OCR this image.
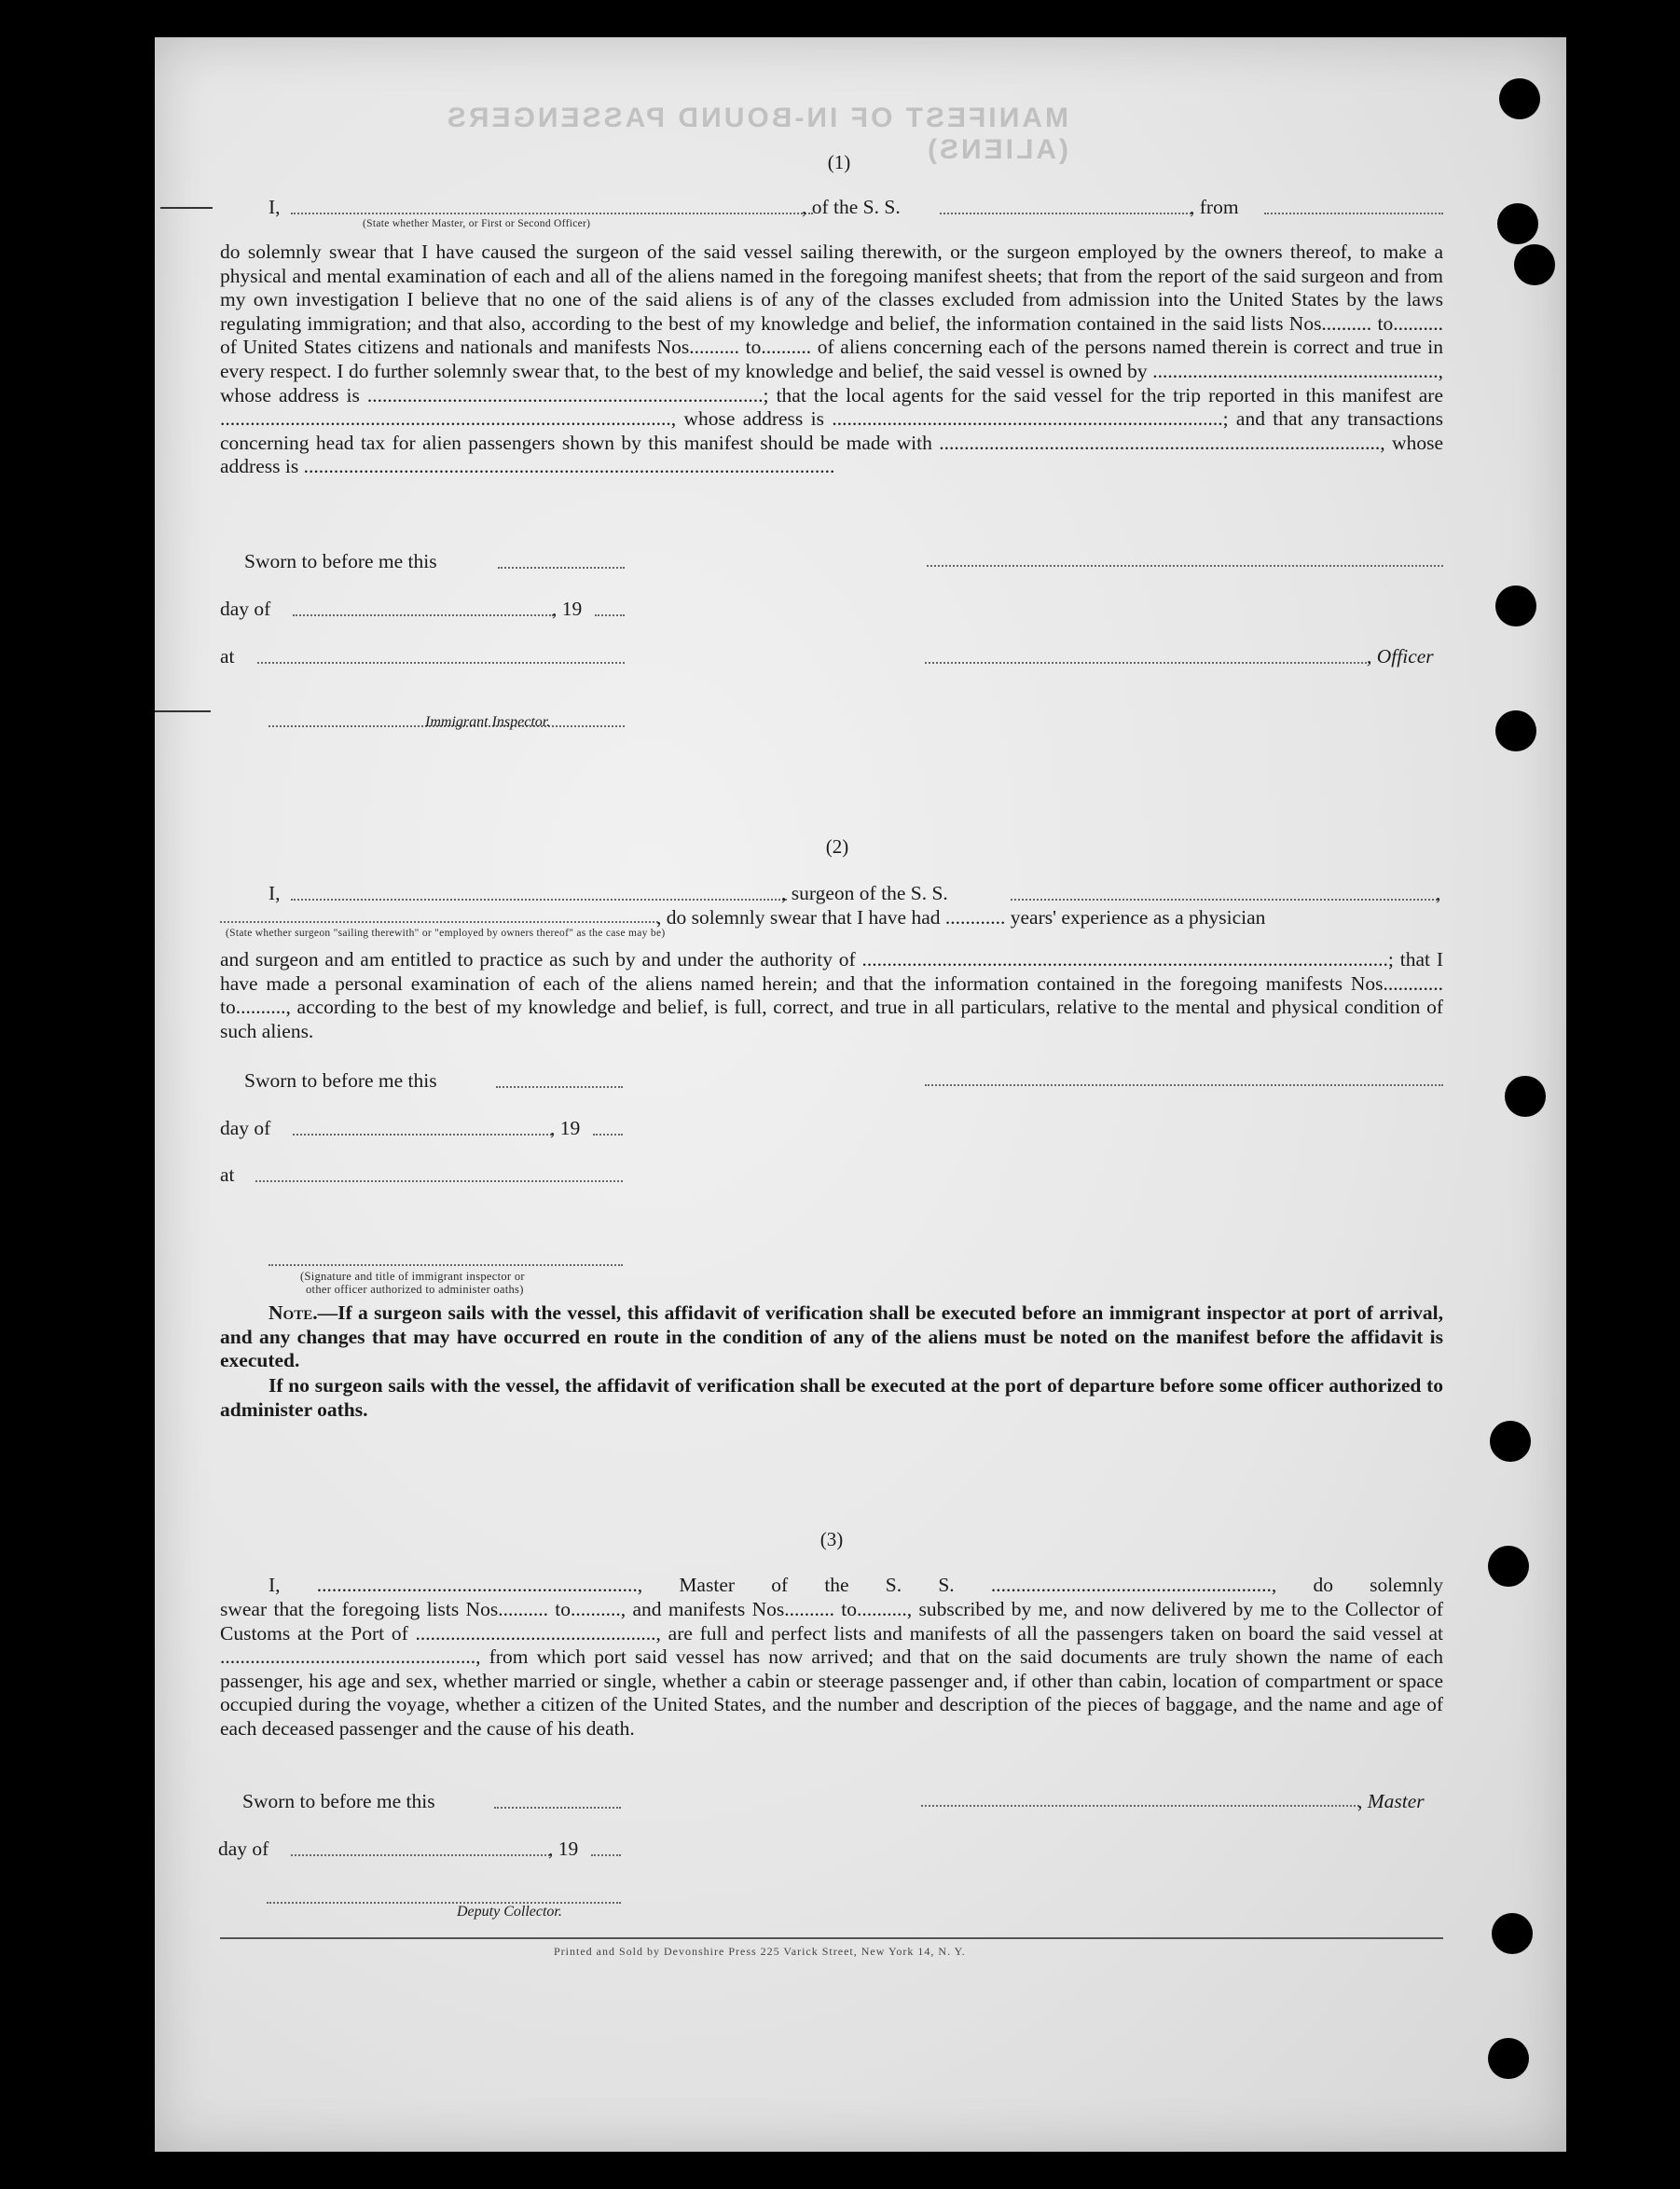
MANIFEST OF IN-BOUND PASSENGERS (ALIENS)
(1)
I,	, of the S. S.	, from
(State whether Master, or First or Second Officer)
do solemnly swear that I have caused the surgeon of the said vessel sailing therewith, or the surgeon employed by the owners thereof, to make a physical and mental examination of each and all of the aliens named in the foregoing manifest sheets; that from the report of the said surgeon and from my own investigation I believe that no one of the said aliens is of any of the classes excluded from admission into the United States by the laws regulating immigration; and that also, according to the best of my knowledge and belief, the information contained in the said lists Nos.......... to.......... of United States citizens and nationals and manifests Nos.......... to.......... of aliens concerning each of the persons named therein is correct and true in every respect. I do further solemnly swear that, to the best of my knowledge and belief, the said vessel is owned by ........................................................., whose address is ...............................................................................; that the local agents for the said vessel for the trip reported in this manifest are .........................................................................................., whose address is ..............................................................................; and that any transactions concerning head tax for alien passengers shown by this manifest should be made with ........................................................................................, whose address is ..........................................................................................................
Sworn to before me this
day of	, 19
at	, Officer
Immigrant Inspector.
(2)
I,	, surgeon of the S. S.	,
, do solemnly swear that I have had ............ years' experience as a physician
(State whether surgeon "sailing therewith" or "employed by owners thereof" as the case may be)
and surgeon and am entitled to practice as such by and under the authority of .........................................................................................................; that I have made a personal examination of each of the aliens named herein; and that the information contained in the foregoing manifests Nos............ to.........., according to the best of my knowledge and belief, is full, correct, and true in all particulars, relative to the mental and physical condition of such aliens.
Sworn to before me this
day of	, 19
at
(Signature and title of immigrant inspector or
other officer authorized to administer oaths)
Note.—If a surgeon sails with the vessel, this affidavit of verification shall be executed before an immigrant inspector at port of arrival, and any changes that may have occurred en route in the condition of any of the aliens must be noted on the manifest before the affidavit is executed.
If no surgeon sails with the vessel, the affidavit of verification shall be executed at the port of departure before some officer authorized to administer oaths.
(3)
I, ................................................................, Master of the S. S. ........................................................, do solemnly
swear that the foregoing lists Nos.......... to.........., and manifests Nos.......... to.........., subscribed by me, and now delivered by me to the Collector of Customs at the Port of ................................................, are full and perfect lists and manifests of all the passengers taken on board the said vessel at ..................................................., from which port said vessel has now arrived; and that on the said documents are truly shown the name of each passenger, his age and sex, whether married or single, whether a cabin or steerage passenger and, if other than cabin, location of compartment or space occupied during the voyage, whether a citizen of the United States, and the number and description of the pieces of baggage, and the name and age of each deceased passenger and the cause of his death.
Sworn to before me this	, Master
day of	, 19
Deputy Collector.
Printed and Sold by Devonshire Press 225 Varick Street, New York 14, N. Y.
